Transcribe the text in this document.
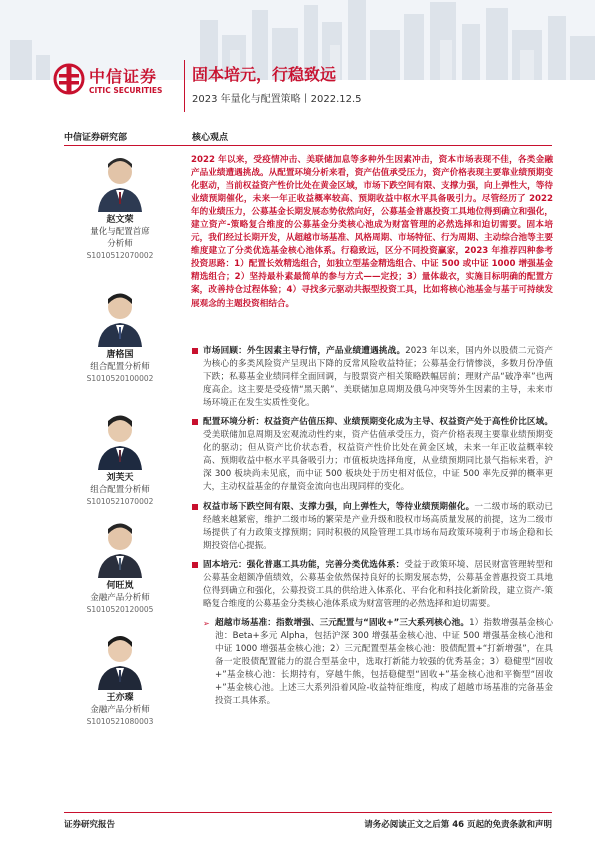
中信证券
CITIC SECURITIES
固本培元，行稳致远
2023 年量化与配置策略丨2022.12.5
中信证券研究部	核心观点
赵文荣
量化与配置首席
分析师
S1010512070002
唐格国
组合配置分析师
S1010520100002
刘芙天
组合配置分析师
S1010521070002
何旺岚
金融产品分析师
S1010520120005
王亦璨
金融产品分析师
S1010521080003
2022 年以来，受疫情冲击、美联储加息等多种外生因素冲击，资本市场表现不佳，各类金融产品业绩遭遇挑战。从配置环境分析来看，资产估值承受压力，资产价格表现主要靠业绩预期变化驱动，当前权益资产性价比处在黄金区域，市场下跌空间有限、支撑力强，向上弹性大，等待业绩预期催化，未来一年正收益概率较高、预期收益中枢水平具备吸引力。尽管经历了 2022 年的业绩压力，公募基金长期发展态势依然向好，公募基金普惠投资工具地位得到确立和强化，建立资产-策略复合维度的公募基金分类核心池成为财富管理的必然选择和迫切需要。固本培元，我们经过长期开发，从超越市场基准、风格周期、市场特征、行为周期、主动综合池等主要维度建立了分类优选基金核心池体系。行稳致远，区分不同投资赢家，2023 年推荐四种参考投资思路：1）配置长效精选组合，如独立型基金精选组合、中证 500 或中证 1000 增强基金精选组合；2）坚持最朴素最简单的参与方式——定投；3）量体裁衣，实施目标明确的配置方案，改善持仓过程体验；4）寻找多元驱动共振型投资工具，比如将核心池基金与基于可持续发展观念的主题投资相结合。
市场回顾：外生因素主导行情，产品业绩遭遇挑战。2023 年以来，国内外以股债二元资产为核心的多类风险资产呈现出下降的反常风险收益特征；公募基金行情惨淡，多数月份净值下跌；私募基金业绩同样全面回调，与股票资产相关策略跌幅居前；理财产品“破净率”也两度高企。这主要是受疫情“黑天鹅”、美联储加息周期及俄乌冲突等外生因素的主导，未来市场环境正在发生实质性变化。
配置环境分析：权益资产估值压抑、业绩预期变化成为主导、权益资产处于高性价比区域。受美联储加息周期及宏观流动性约束，资产估值承受压力，资产价格表现主要靠业绩预期变化的驱动；但从资产比价状态看，权益资产性价比处在黄金区域，未来一年正收益概率较高、预期收益中枢水平具备吸引力；市值板块选择角度，从业绩预期同比景气指标来看，沪深 300 板块尚未见底，而中证 500 板块处于历史相对低位，中证 500 率先反弹的概率更大，主动权益基金的存量资金流向也出现同样的变化。
权益市场下跌空间有限、支撑力强，向上弹性大，等待业绩预期催化。一二级市场的联动已经越来越紧密，维护二级市场的繁荣是产业升级和股权市场高质量发展的前提，这为二级市场提供了有力政策支撑预期；同时积极的风险管理工具市场布局政策环境利于市场企稳和长期投资信心提振。
固本培元：强化普惠工具功能，完善分类优选体系：受益于政策环境、居民财富管理转型和公募基金超额净值绩效，公募基金依然保持良好的长期发展态势，公募基金普惠投资工具地位得到确立和强化，公募投资工具的供给进入体系化、平台化和科技化新阶段，建立资产-策略复合维度的公募基金分类核心池体系成为财富管理的必然选择和迫切需要。
➢ 超越市场基准：指数增强、三元配置与“固收+”三大系列核心池。1）指数增强基金核心池：Beta+多元 Alpha，包括沪深 300 增强基金核心池、中证 500 增强基金核心池和中证 1000 增强基金核心池；2）三元配置型基金核心池：股债配置+“打新增强”，在具备一定股债配置能力的混合型基金中，选取打新能力较强的优秀基金；3）稳健型“固收+”基金核心池：长期持有，穿越牛熊，包括稳健型“固收+”基金核心池和平衡型“固收+”基金核心池。上述三大系列沿着风险-收益特征维度，构成了超越市场基准的完备基金投资工具体系。
证券研究报告	请务必阅读正文之后第 46 页起的免责条款和声明
